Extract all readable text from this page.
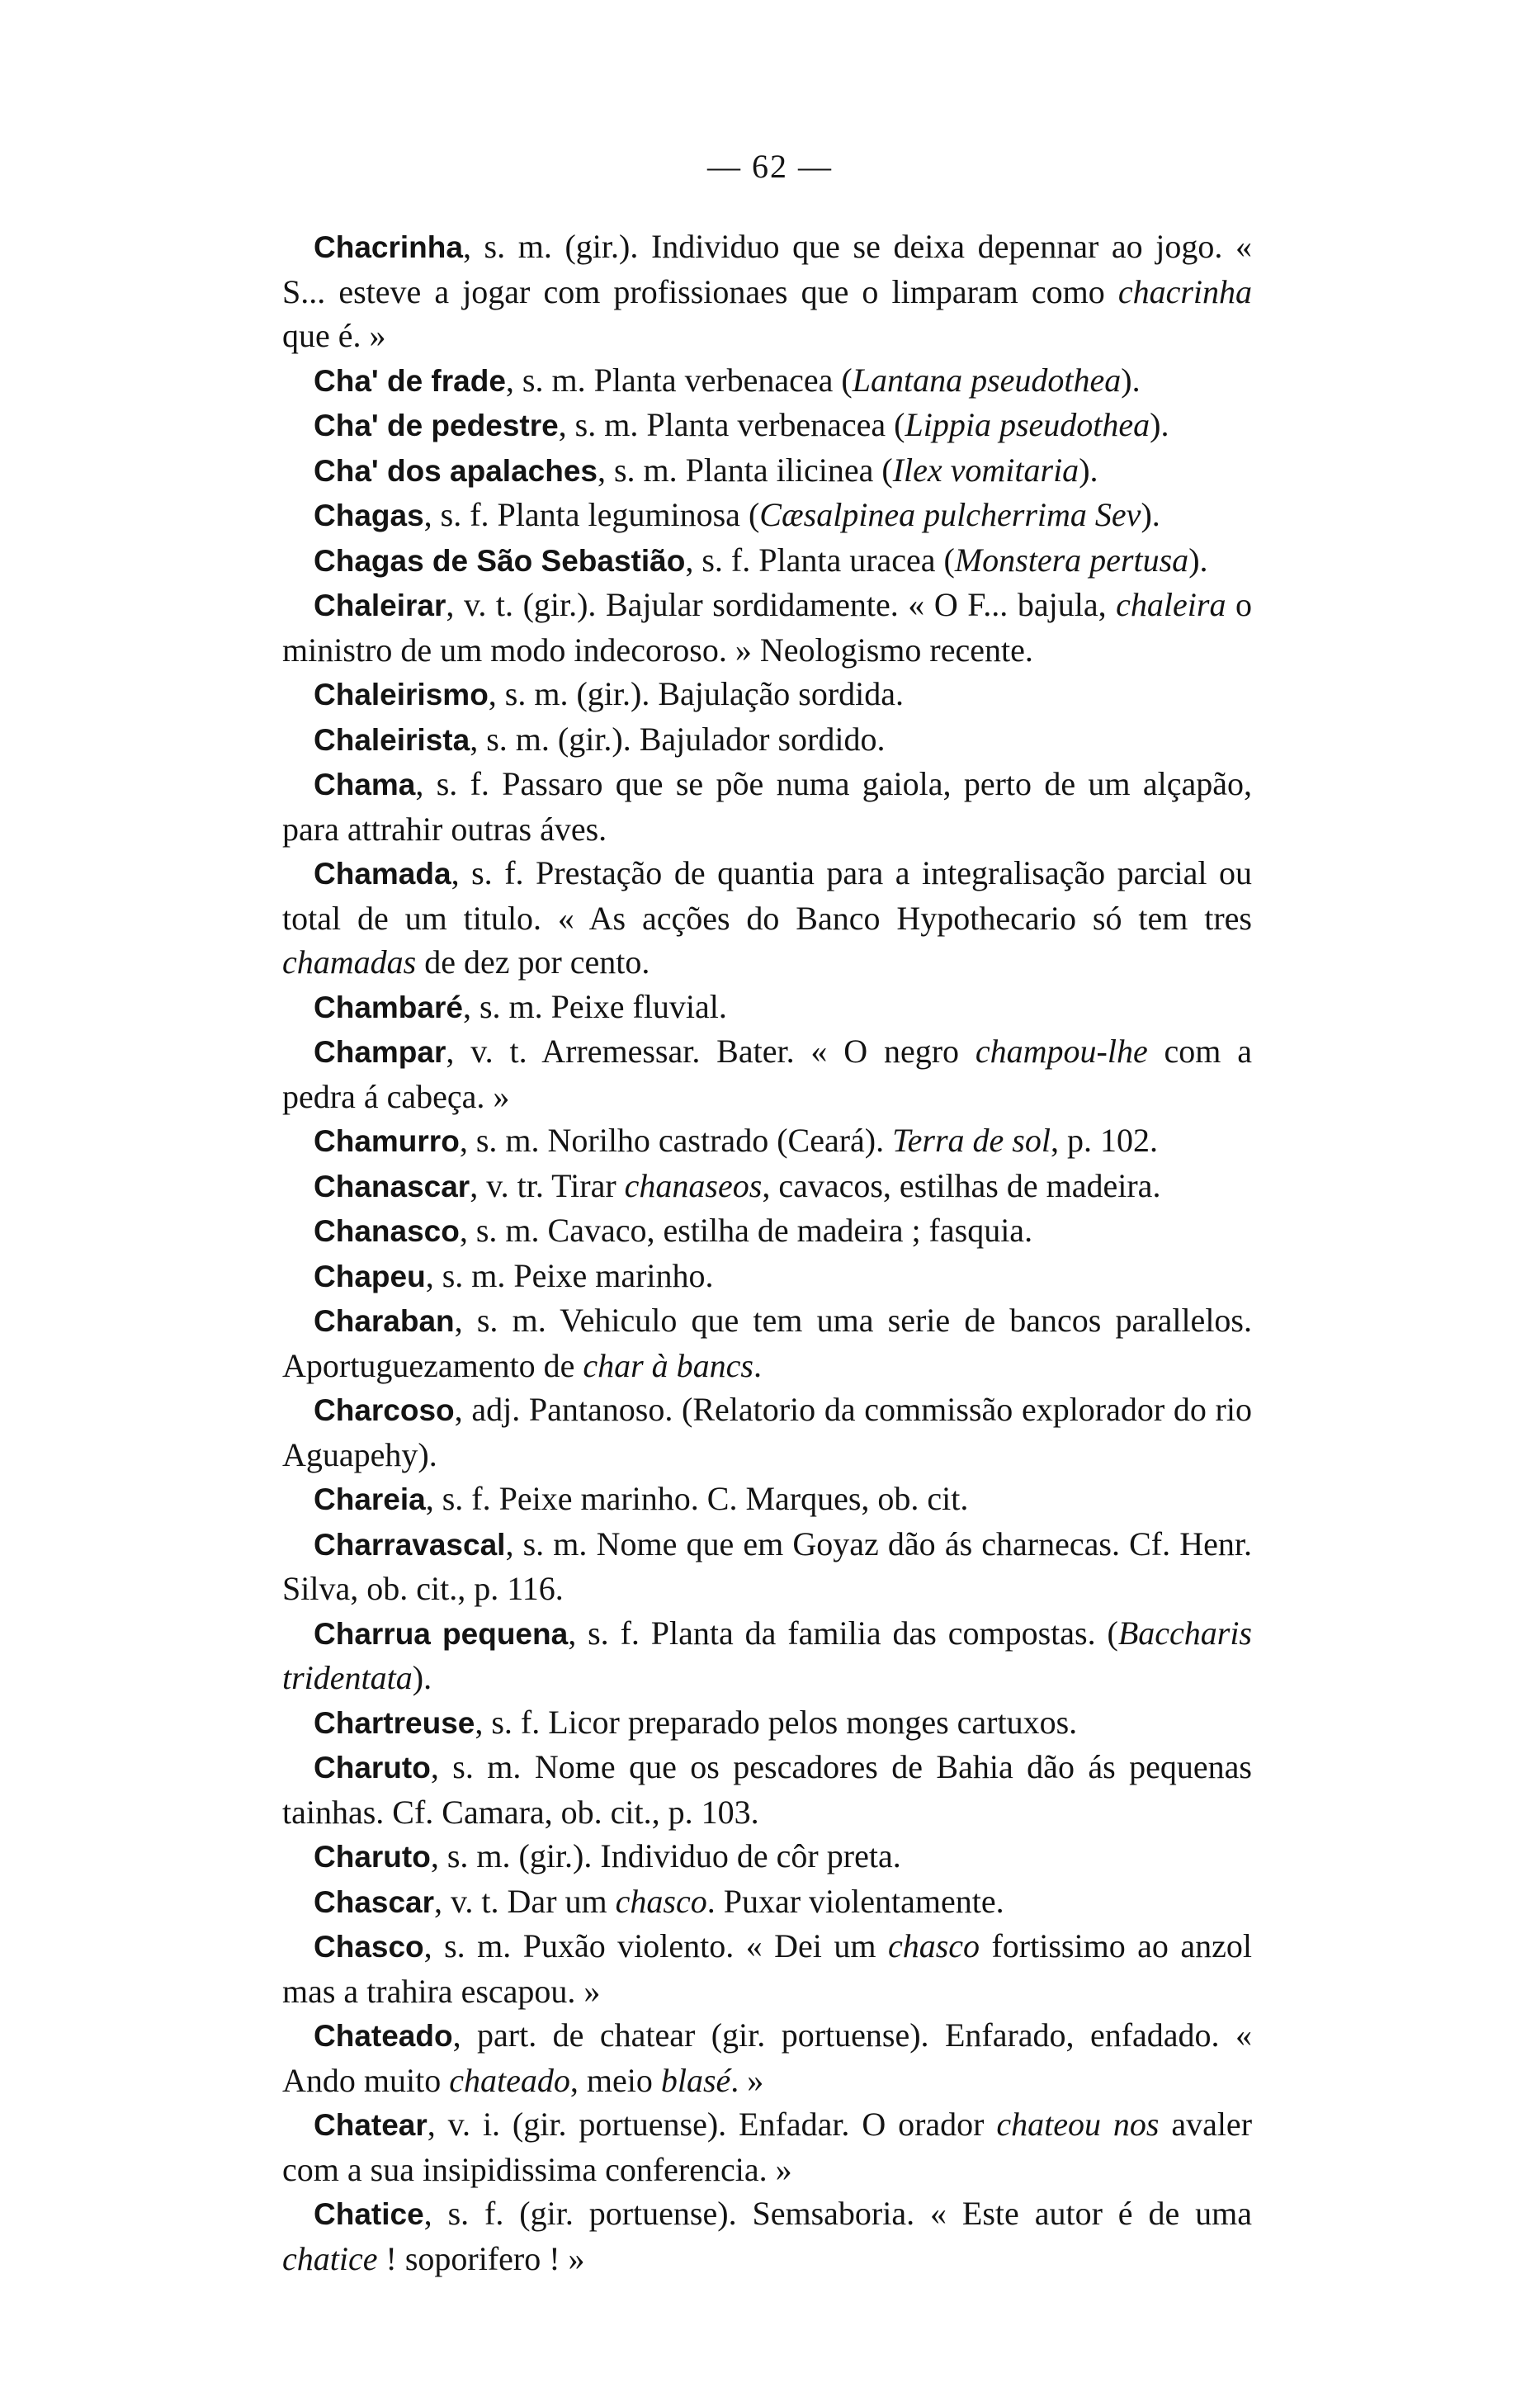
— 62 —

Chacrinha, s. m. (gir.). Individuo que se deixa depennar ao jogo. « S... esteve a jogar com profissionaes que o limparam como chacrinha que é. »

Cha' de frade, s. m. Planta verbenacea (Lantana pseudothea).

Cha' de pedestre, s. m. Planta verbenacea (Lippia pseudothea).

Cha' dos apalaches, s. m. Planta ilicinea (Ilex vomitaria).

Chagas, s. f. Planta leguminosa (Cæsalpinea pulcherrima Sev).

Chagas de São Sebastião, s. f. Planta uracea (Monstera pertusa).

Chaleirar, v. t. (gir.). Bajular sordidamente. « O F... bajula, chaleira o ministro de um modo indecoroso. » Neologismo recente.

Chaleirismo, s. m. (gir.). Bajulação sordida.

Chaleirista, s. m. (gir.). Bajulador sordido.

Chama, s. f. Passaro que se põe numa gaiola, perto de um alçapão, para attrahir outras áves.

Chamada, s. f. Prestação de quantia para a integralisação parcial ou total de um titulo. « As acções do Banco Hypothecario só tem tres chamadas de dez por cento.

Chambaré, s. m. Peixe fluvial.

Champar, v. t. Arremessar. Bater. « O negro champou-lhe com a pedra á cabeça. »

Chamurro, s. m. Norilho castrado (Ceará). Terra de sol, p. 102.

Chanascar, v. tr. Tirar chanaseos, cavacos, estilhas de madeira.

Chanasco, s. m. Cavaco, estilha de madeira ; fasquia.

Chapeu, s. m. Peixe marinho.

Charaban, s. m. Vehiculo que tem uma serie de bancos parallelos. Aportuguezamento de char à bancs.

Charcoso, adj. Pantanoso. (Relatorio da commissão explorador do rio Aguapehy).

Chareia, s. f. Peixe marinho. C. Marques, ob. cit.

Charravascal, s. m. Nome que em Goyaz dão ás charnecas. Cf. Henr. Silva, ob. cit., p. 116.

Charrua pequena, s. f. Planta da familia das compostas. (Baccharis tridentata).

Chartreuse, s. f. Licor preparado pelos monges cartuxos.

Charuto, s. m. Nome que os pescadores de Bahia dão ás pequenas tainhas. Cf. Camara, ob. cit., p. 103.

Charuto, s. m. (gir.). Individuo de côr preta.

Chascar, v. t. Dar um chasco. Puxar violentamente.

Chasco, s. m. Puxão violento. « Dei um chasco fortissimo ao anzol mas a trahira escapou. »

Chateado, part. de chatear (gir. portuense). Enfarado, enfadado. « Ando muito chateado, meio blasé. »

Chatear, v. i. (gir. portuense). Enfadar. O orador chateou nos avaler com a sua insipidissima conferencia. »

Chatice, s. f. (gir. portuense). Semsaboria. « Este autor é de uma chatice ! soporifero ! »
